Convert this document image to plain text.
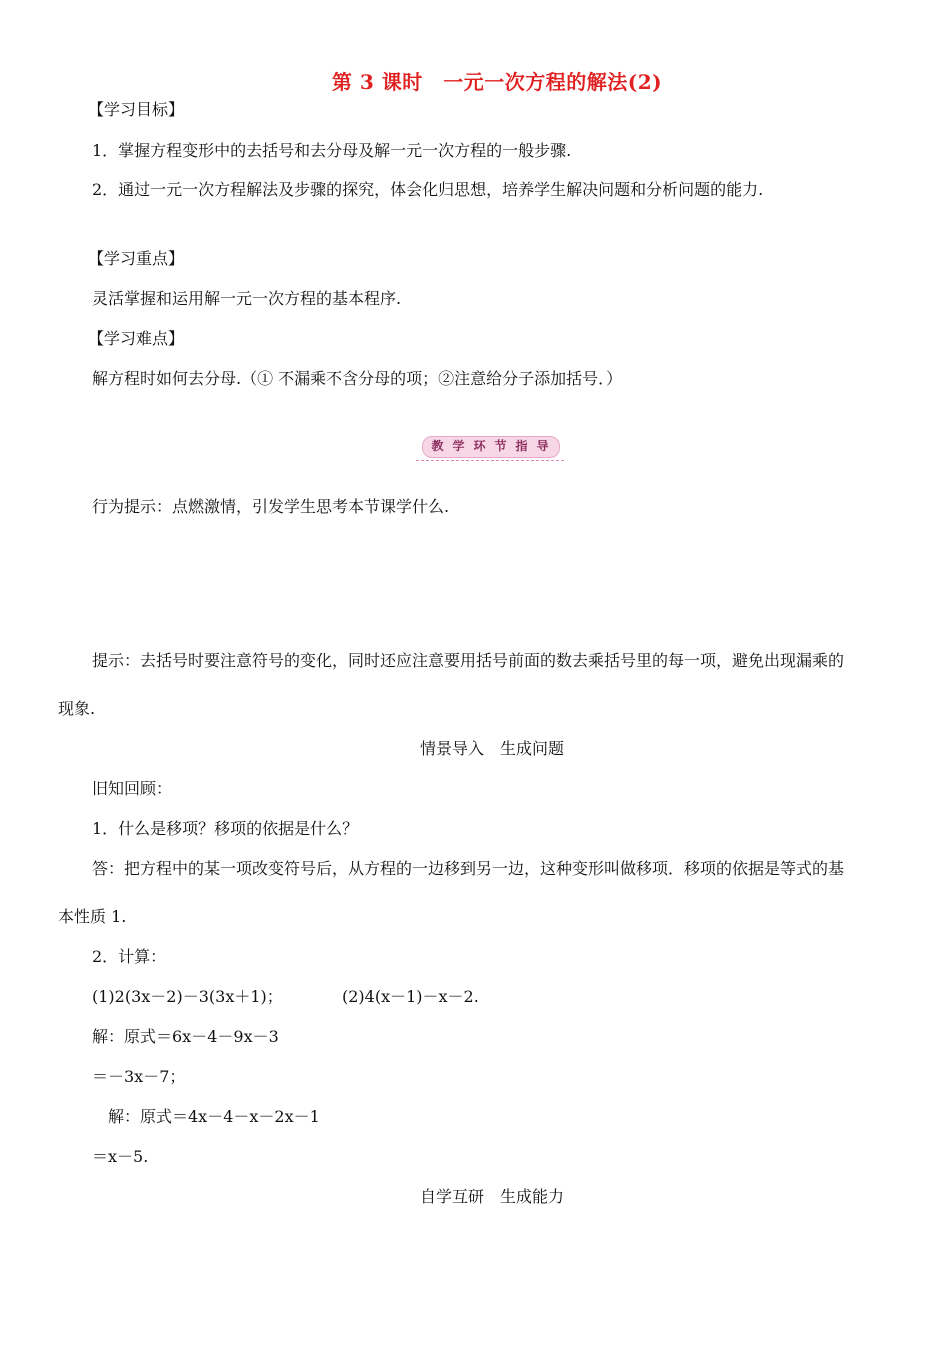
第 3 课时　一元一次方程的解法(2)
【学习目标】
1．掌握方程变形中的去括号和去分母及解一元一次方程的一般步骤.
2．通过一元一次方程解法及步骤的探究，体会化归思想，培养学生解决问题和分析问题的能力.
【学习重点】
灵活掌握和运用解一元一次方程的基本程序.
【学习难点】
解方程时如何去分母.（① 不漏乘不含分母的项；②注意给分子添加括号．）
教学环节指导
行为提示：点燃激情，引发学生思考本节课学什么.
提示：去括号时要注意符号的变化，同时还应注意要用括号前面的数去乘括号里的每一项，避免出现漏乘的
现象.
情景导入　生成问题
旧知回顾：
1．什么是移项？移项的依据是什么？
答：把方程中的某一项改变符号后，从方程的一边移到另一边，这种变形叫做移项．移项的依据是等式的基
本性质 1.
2．计算：
(1)2(3x－2)－3(3x＋1)；	(2)4(x－1)－x－2.
解：原式＝6x－4－9x－3
＝－3x－7；
解：原式＝4x－4－x－2x－1
＝x－5.
自学互研　生成能力
